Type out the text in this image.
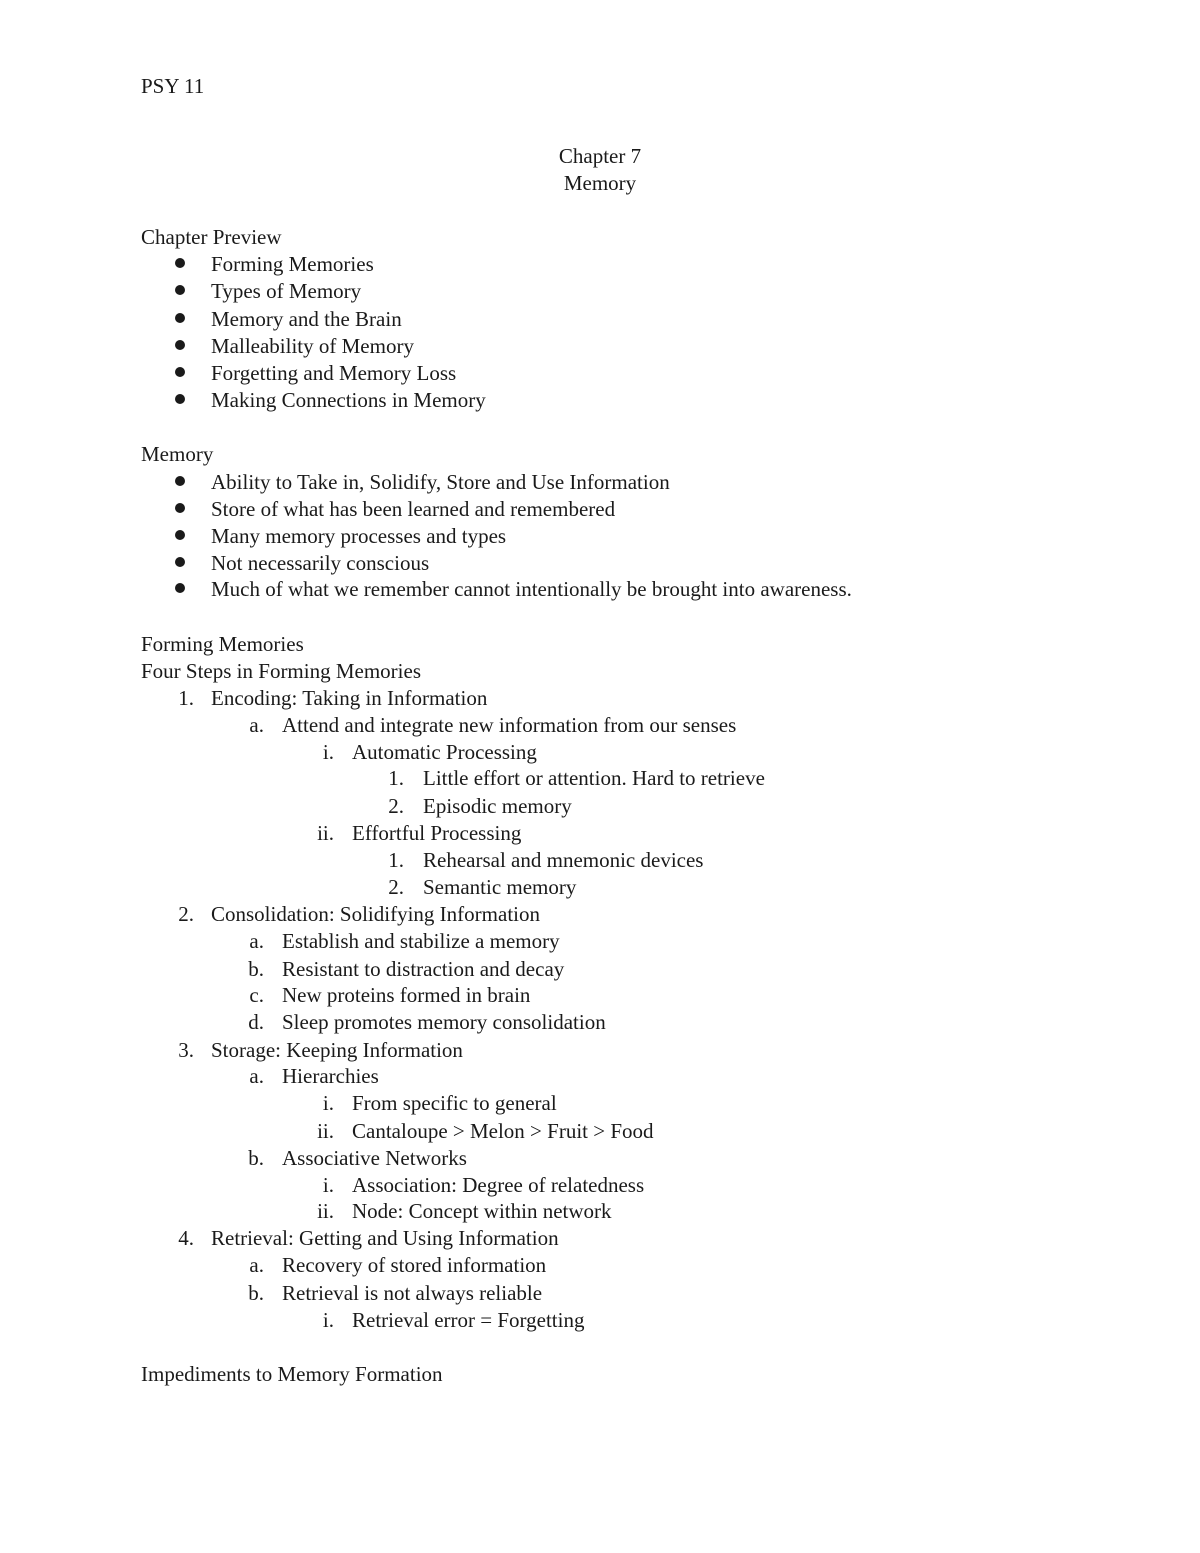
PSY 11
Chapter 7
Memory
Chapter Preview
Forming Memories
Types of Memory
Memory and the Brain
Malleability of Memory
Forgetting and Memory Loss
Making Connections in Memory
Memory
Ability to Take in, Solidify, Store and Use Information
Store of what has been learned and remembered
Many memory processes and types
Not necessarily conscious
Much of what we remember cannot intentionally be brought into awareness.
Forming Memories
Four Steps in Forming Memories
1. Encoding: Taking in Information
a. Attend and integrate new information from our senses
i. Automatic Processing
1. Little effort or attention. Hard to retrieve
2. Episodic memory
ii. Effortful Processing
1. Rehearsal and mnemonic devices
2. Semantic memory
2. Consolidation: Solidifying Information
a. Establish and stabilize a memory
b. Resistant to distraction and decay
c. New proteins formed in brain
d. Sleep promotes memory consolidation
3. Storage: Keeping Information
a. Hierarchies
i. From specific to general
ii. Cantaloupe > Melon > Fruit > Food
b. Associative Networks
i. Association: Degree of relatedness
ii. Node: Concept within network
4. Retrieval: Getting and Using Information
a. Recovery of stored information
b. Retrieval is not always reliable
i. Retrieval error = Forgetting
Impediments to Memory Formation
